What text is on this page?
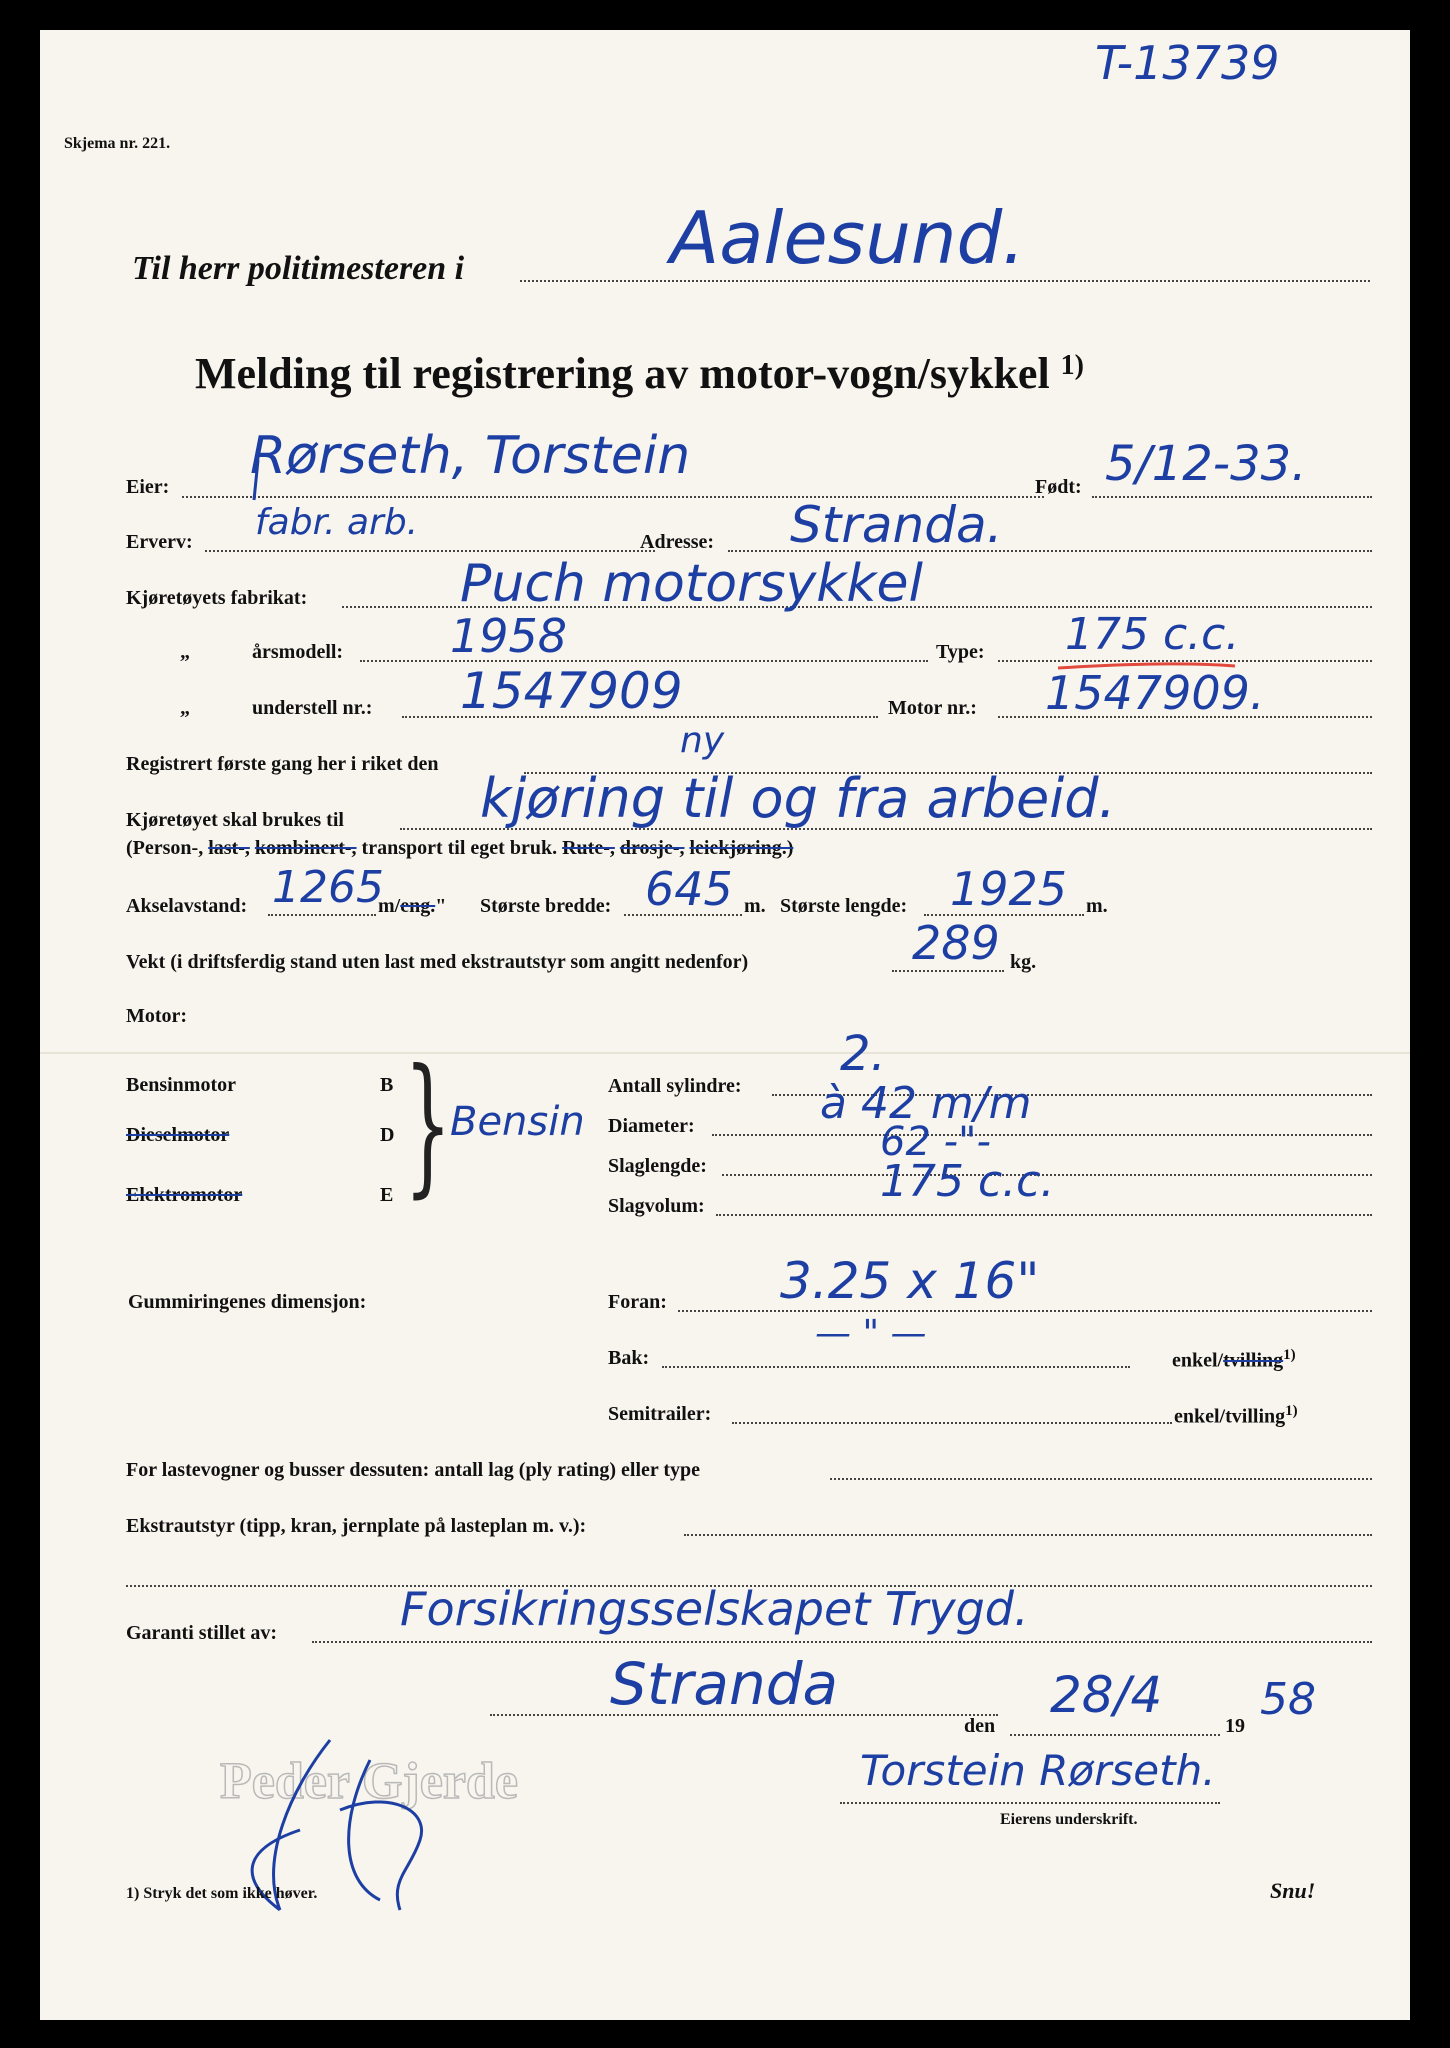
Skjema nr. 221.
T-13739
Til herr politimesteren i	Aalesund.
Melding til registrering av motor-vogn/sykkel $^{1)}$
Eier:
Rørseth, Torstein
Født: 5/12-33.
Erverv: fabr. arb.	Adresse: Stranda.
Kjøretøyets fabrikat:	Puch motorsykkel
„	årsmodell: 1958	Type: 175 c.c.
„	understell nr.: 1547909	Motor nr.: 1547909.
Registrert første gang her i riket den
ny
Kjøretøyet skal brukes til	kjøring til og fra arbeid.
(Person-, last-, kombinert-, transport til eget bruk. Rute-, drosje-, leiekjøring.)
Akselavstand: 1265
m/eng." Største bredde: 645 m. Største lengde: 1925 m.
Vekt (i driftsferdig stand uten last med ekstrautstyr som angitt nedenfor)	289 kg.
Motor:
Bensinmotor	B
Dieselmotor	D
Elektromotor	E }
Bensin
Antall sylindre:
2.
Diameter:	à 42 m/m
Slaglengde:
62 -"-
Slagvolum:	175 c.c.
Gummiringenes dimensjon:	Foran: 3.25 x 16"
Bak:
— " —
enkel/tvilling$^{1)}$
Semitrailer:	enkel/tvilling$^{1)}$
For lastevogner og busser dessuten: antall lag (ply rating) eller type
Ekstrautstyr (tipp, kran, jernplate på lasteplan m. v.):
Garanti stillet av:	Forsikringsselskapet Trygd.
Stranda
den
28/4
19
58
Torstein Rørseth.
Eierens underskrift.
Peder Gjerde
1) Stryk det som ikke høver.	Snu!
